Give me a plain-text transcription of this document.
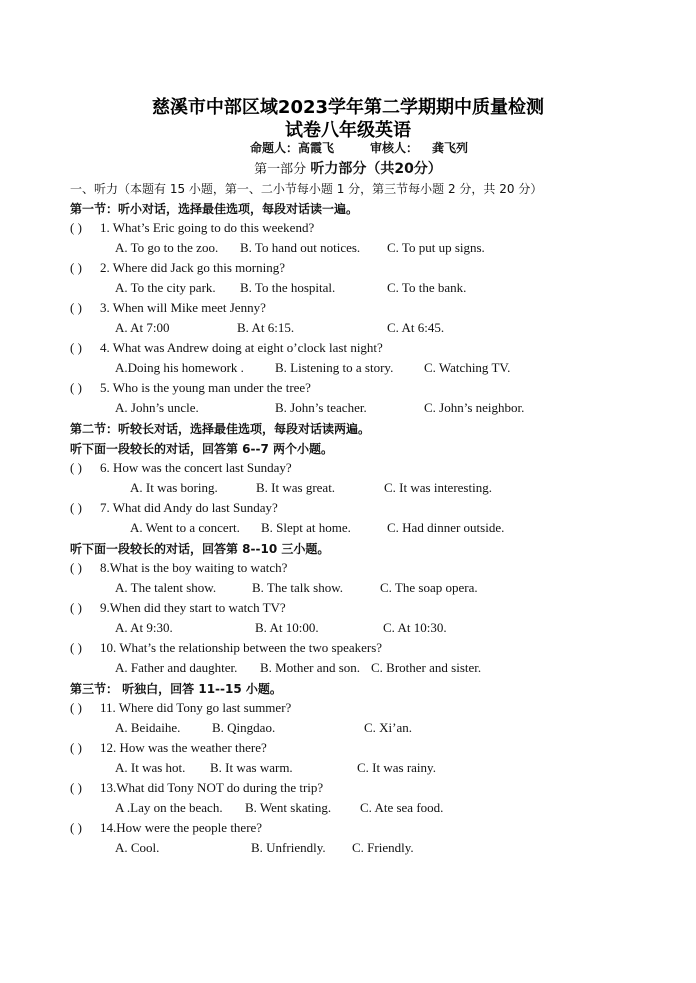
慈溪市中部区域2023学年第二学期期中质量检测
试卷八年级英语
命题人：高霞飞	审核人： 龚飞列
第一部分 听力部分（共20分）
一、听力（本题有 15 小题，第一、二小节每小题 1 分，第三节每小题 2 分，共 20 分）
第一节：听小对话，选择最佳选项，每段对话读一遍。
第二节：听较长对话，选择最佳选项，每段对话读两遍。
听下面一段较长的对话，回答第 6--7 两个小题。
听下面一段较长的对话，回答第 8--10 三小题。
第三节： 听独白，回答 11--15 小题。
( ) 1. What’s Eric going to do this weekend?
A. To go to the zoo. B. To hand out notices. C. To put up signs.
( ) 2. Where did Jack go this morning?
A. To the city park. B. To the hospital.	C. To the bank.
( ) 3. When will Mike meet Jenny?
A. At 7:00	B. At 6:15.	C. At 6:45.
( ) 4. What was Andrew doing at eight o’clock last night?
A.Doing his homework . B. Listening to a story. C. Watching TV.
( ) 5. Who is the young man under the tree?
A. John’s uncle.	B. John’s teacher.	C. John’s neighbor.
( ) 6. How was the concert last Sunday?
A. It was boring.	B. It was great.	C. It was interesting.
( ) 7. What did Andy do last Sunday?
A. Went to a concert. B. Slept at home.	C. Had dinner outside.
( ) 8.What is the boy waiting to watch?
A. The talent show.	B. The talk show.	C. The soap opera.
( ) 9.When did they start to watch TV?
A. At 9:30.	B. At 10:00.	C. At 10:30.
( ) 10. What’s the relationship between the two speakers?
A. Father and daughter. B. Mother and son. C. Brother and sister.
( ) 11. Where did Tony go last summer?
A. Beidaihe. B. Qingdao.	C. Xi’an.
( ) 12. How was the weather there?
A. It was hot. B. It was warm.	C. It was rainy.
( ) 13.What did Tony NOT do during the trip?
A .Lay on the beach. B. Went skating. C. Ate sea food.
( ) 14.How were the people there?
A. Cool.	B. Unfriendly. C. Friendly.
